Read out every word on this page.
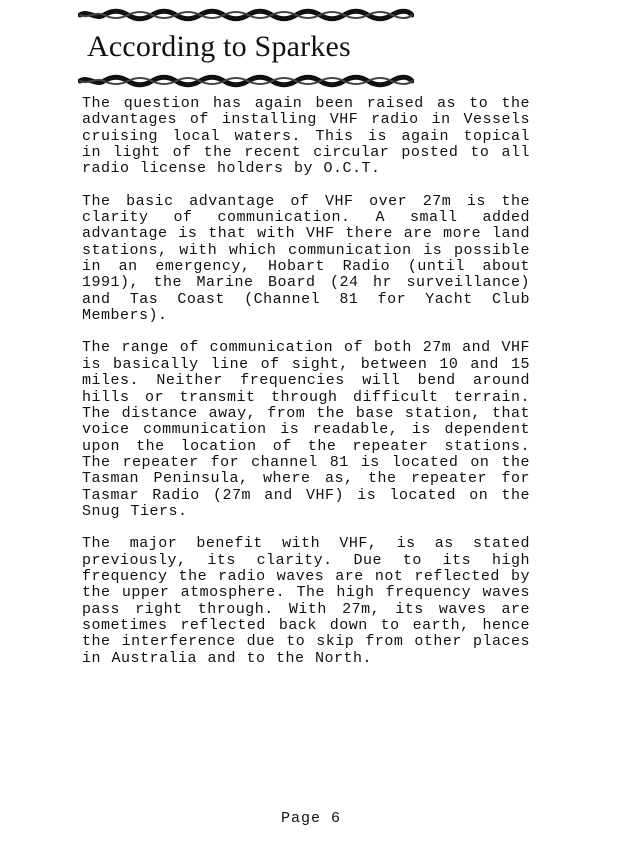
According to Sparkes

The question has again been raised as to the advantages of installing VHF radio in Vessels cruising local waters. This is again topical in light of the recent circular posted to all radio license holders by O.C.T.

The basic advantage of VHF over 27m is the clarity of communication. A small added advantage is that with VHF there are more land stations, with which communication is possible in an emergency, Hobart Radio (until about 1991), the Marine Board (24 hr surveillance) and Tas Coast (Channel 81 for Yacht Club Members).

The range of communication of both 27m and VHF is basically line of sight, between 10 and 15 miles. Neither frequencies will bend around hills or transmit through difficult terrain. The distance away, from the base station, that voice communication is readable, is dependent upon the location of the repeater stations. The repeater for channel 81 is located on the Tasman Peninsula, where as, the repeater for Tasmar Radio (27m and VHF) is located on the Snug Tiers.

The major benefit with VHF, is as stated previously, its clarity. Due to its high frequency the radio waves are not reflected by the upper atmosphere. The high frequency waves pass right through. With 27m, its waves are sometimes reflected back down to earth, hence the interference due to skip from other places in Australia and to the North.

Page 6
